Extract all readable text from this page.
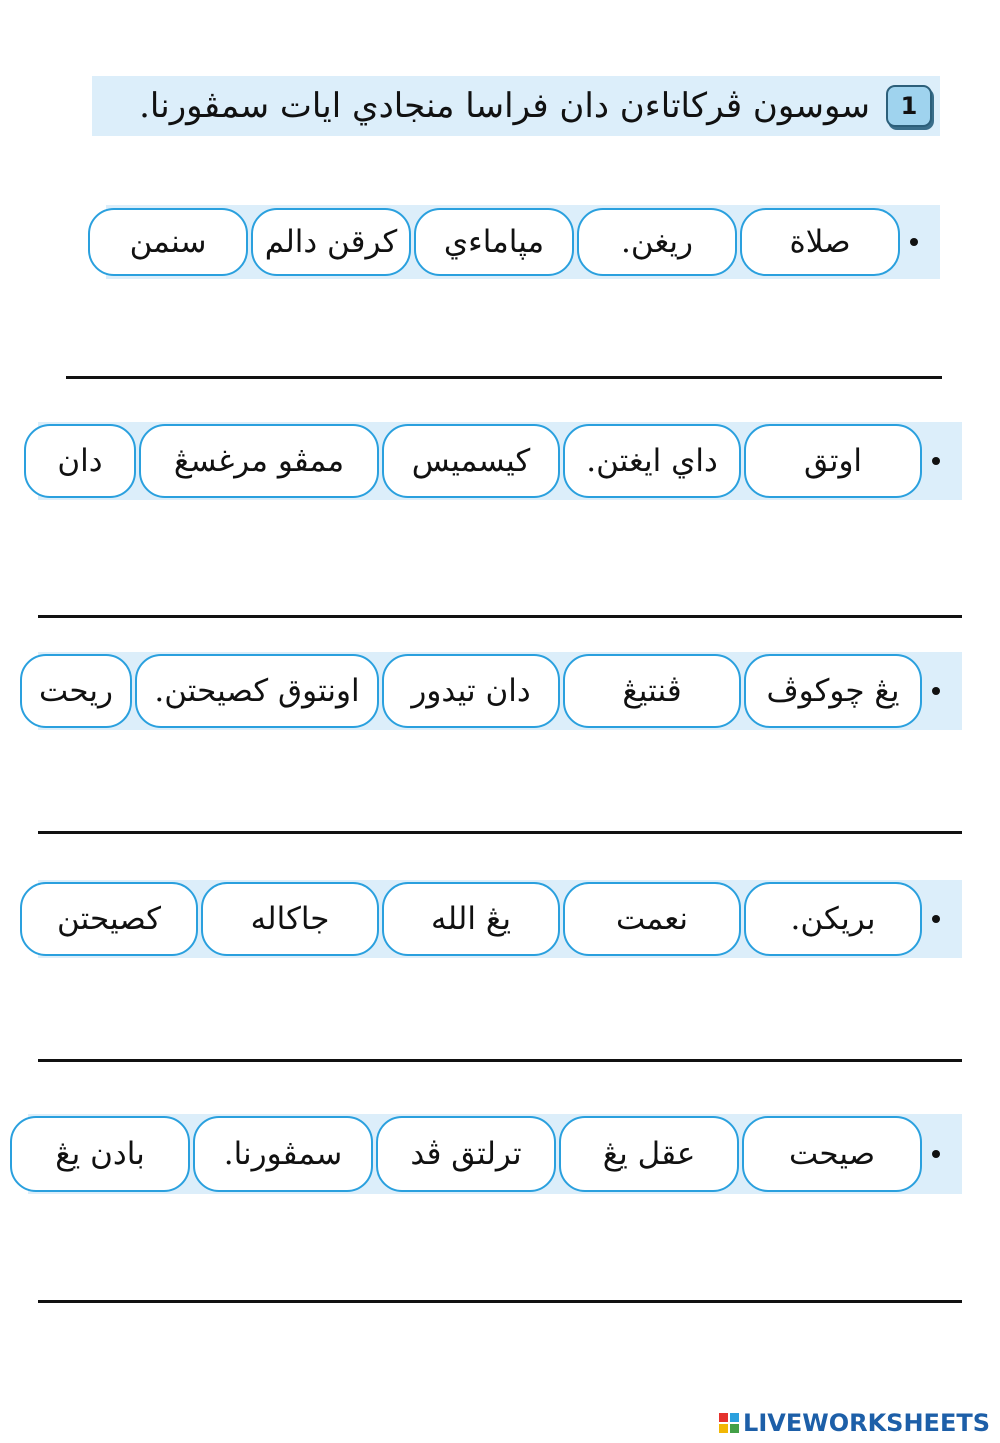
1
سوسون ڤركاتاءن دان فراسا منجادي ايات سمڤورنا.
صلاة
ريغن.
مپاماءي
كرقن دالم
سنمن
اوتق
داي ايغتن.
كيسميس
ممڤو مرغسڠ
دان
يڠ چوكوڤ
ڤنتيڠ
دان تيدور
اونتوق كصيحتن.
ريحت
بريكن.
نعمت
يڠ الله
جاكاله
كصيحتن
صيحت
عقل يڠ
ترلتق ڤد
سمڤورنا.
بادن يڠ
LIVEWORKSHEETS
